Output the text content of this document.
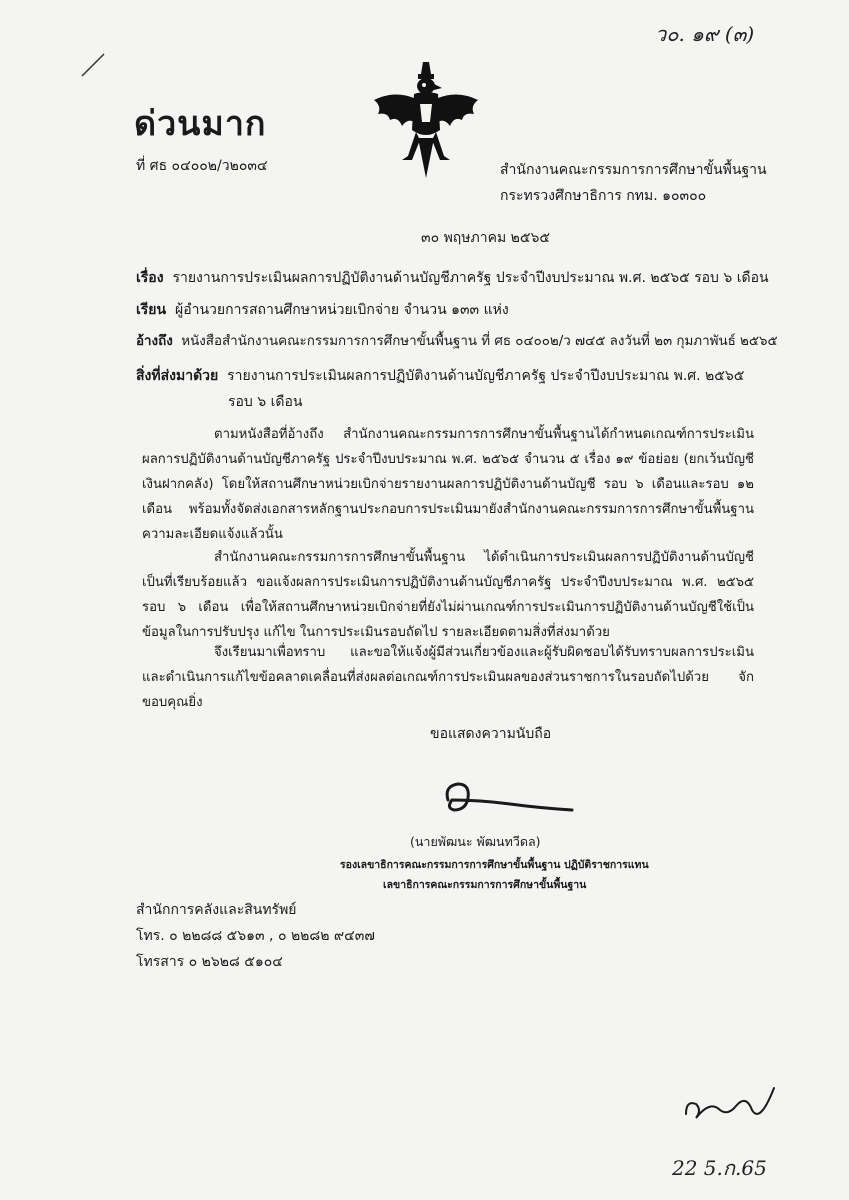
ว๐. ๑๙ (๓)
ด่วนมาก
ที่ ศธ ๐๔๐๐๒/ว๒๐๓๔	สำนักงานคณะกรรมการการศึกษาขั้นพื้นฐาน
กระทรวงศึกษาธิการ กทม. ๑๐๓๐๐
๓๐ พฤษภาคม ๒๕๖๕
เรื่อง รายงานการประเมินผลการปฏิบัติงานด้านบัญชีภาครัฐ ประจำปีงบประมาณ พ.ศ. ๒๕๖๕ รอบ ๖ เดือน
เรียน ผู้อำนวยการสถานศึกษาหน่วยเบิกจ่าย จำนวน ๑๓๓ แห่ง
อ้างถึง หนังสือสำนักงานคณะกรรมการการศึกษาขั้นพื้นฐาน ที่ ศธ ๐๔๐๐๒/ว ๗๔๕ ลงวันที่ ๒๓ กุมภาพันธ์ ๒๕๖๕
สิ่งที่ส่งมาด้วย รายงานการประเมินผลการปฏิบัติงานด้านบัญชีภาครัฐ ประจำปีงบประมาณ พ.ศ. ๒๕๖๕
รอบ ๖ เดือน
ตามหนังสือที่อ้างถึง สำนักงานคณะกรรมการการศึกษาขั้นพื้นฐานได้กำหนดเกณฑ์การประเมินผลการปฏิบัติงานด้านบัญชีภาครัฐ ประจำปีงบประมาณ พ.ศ. ๒๕๖๕ จำนวน ๕ เรื่อง ๑๙ ข้อย่อย (ยกเว้นบัญชีเงินฝากคลัง) โดยให้สถานศึกษาหน่วยเบิกจ่ายรายงานผลการปฏิบัติงานด้านบัญชี รอบ ๖ เดือนและรอบ ๑๒ เดือน พร้อมทั้งจัดส่งเอกสารหลักฐานประกอบการประเมินมายังสำนักงานคณะกรรมการการศึกษาขั้นพื้นฐาน ความละเอียดแจ้งแล้วนั้น
สำนักงานคณะกรรมการการศึกษาขั้นพื้นฐาน ได้ดำเนินการประเมินผลการปฏิบัติงานด้านบัญชีเป็นที่เรียบร้อยแล้ว ขอแจ้งผลการประเมินการปฏิบัติงานด้านบัญชีภาครัฐ ประจำปีงบประมาณ พ.ศ. ๒๕๖๕ รอบ ๖ เดือน เพื่อให้สถานศึกษาหน่วยเบิกจ่ายที่ยังไม่ผ่านเกณฑ์การประเมินการปฏิบัติงานด้านบัญชีใช้เป็นข้อมูลในการปรับปรุง แก้ไข ในการประเมินรอบถัดไป รายละเอียดตามสิ่งที่ส่งมาด้วย
จึงเรียนมาเพื่อทราบ และขอให้แจ้งผู้มีส่วนเกี่ยวข้องและผู้รับผิดชอบได้รับทราบผลการประเมิน และดำเนินการแก้ไขข้อคลาดเคลื่อนที่ส่งผลต่อเกณฑ์การประเมินผลของส่วนราชการในรอบถัดไปด้วย จักขอบคุณยิ่ง
ขอแสดงความนับถือ
(นายพัฒนะ พัฒนทวีดล)
รองเลขาธิการคณะกรรมการการศึกษาขั้นพื้นฐาน ปฏิบัติราชการแทน
เลขาธิการคณะกรรมการการศึกษาขั้นพื้นฐาน
สำนักการคลังและสินทรัพย์
โทร. ๐ ๒๒๘๘ ๕๖๑๓ , ๐ ๒๒๘๒ ๙๔๓๗
โทรสาร ๐ ๒๖๒๘ ๕๑๐๔
22 5.ก.65
